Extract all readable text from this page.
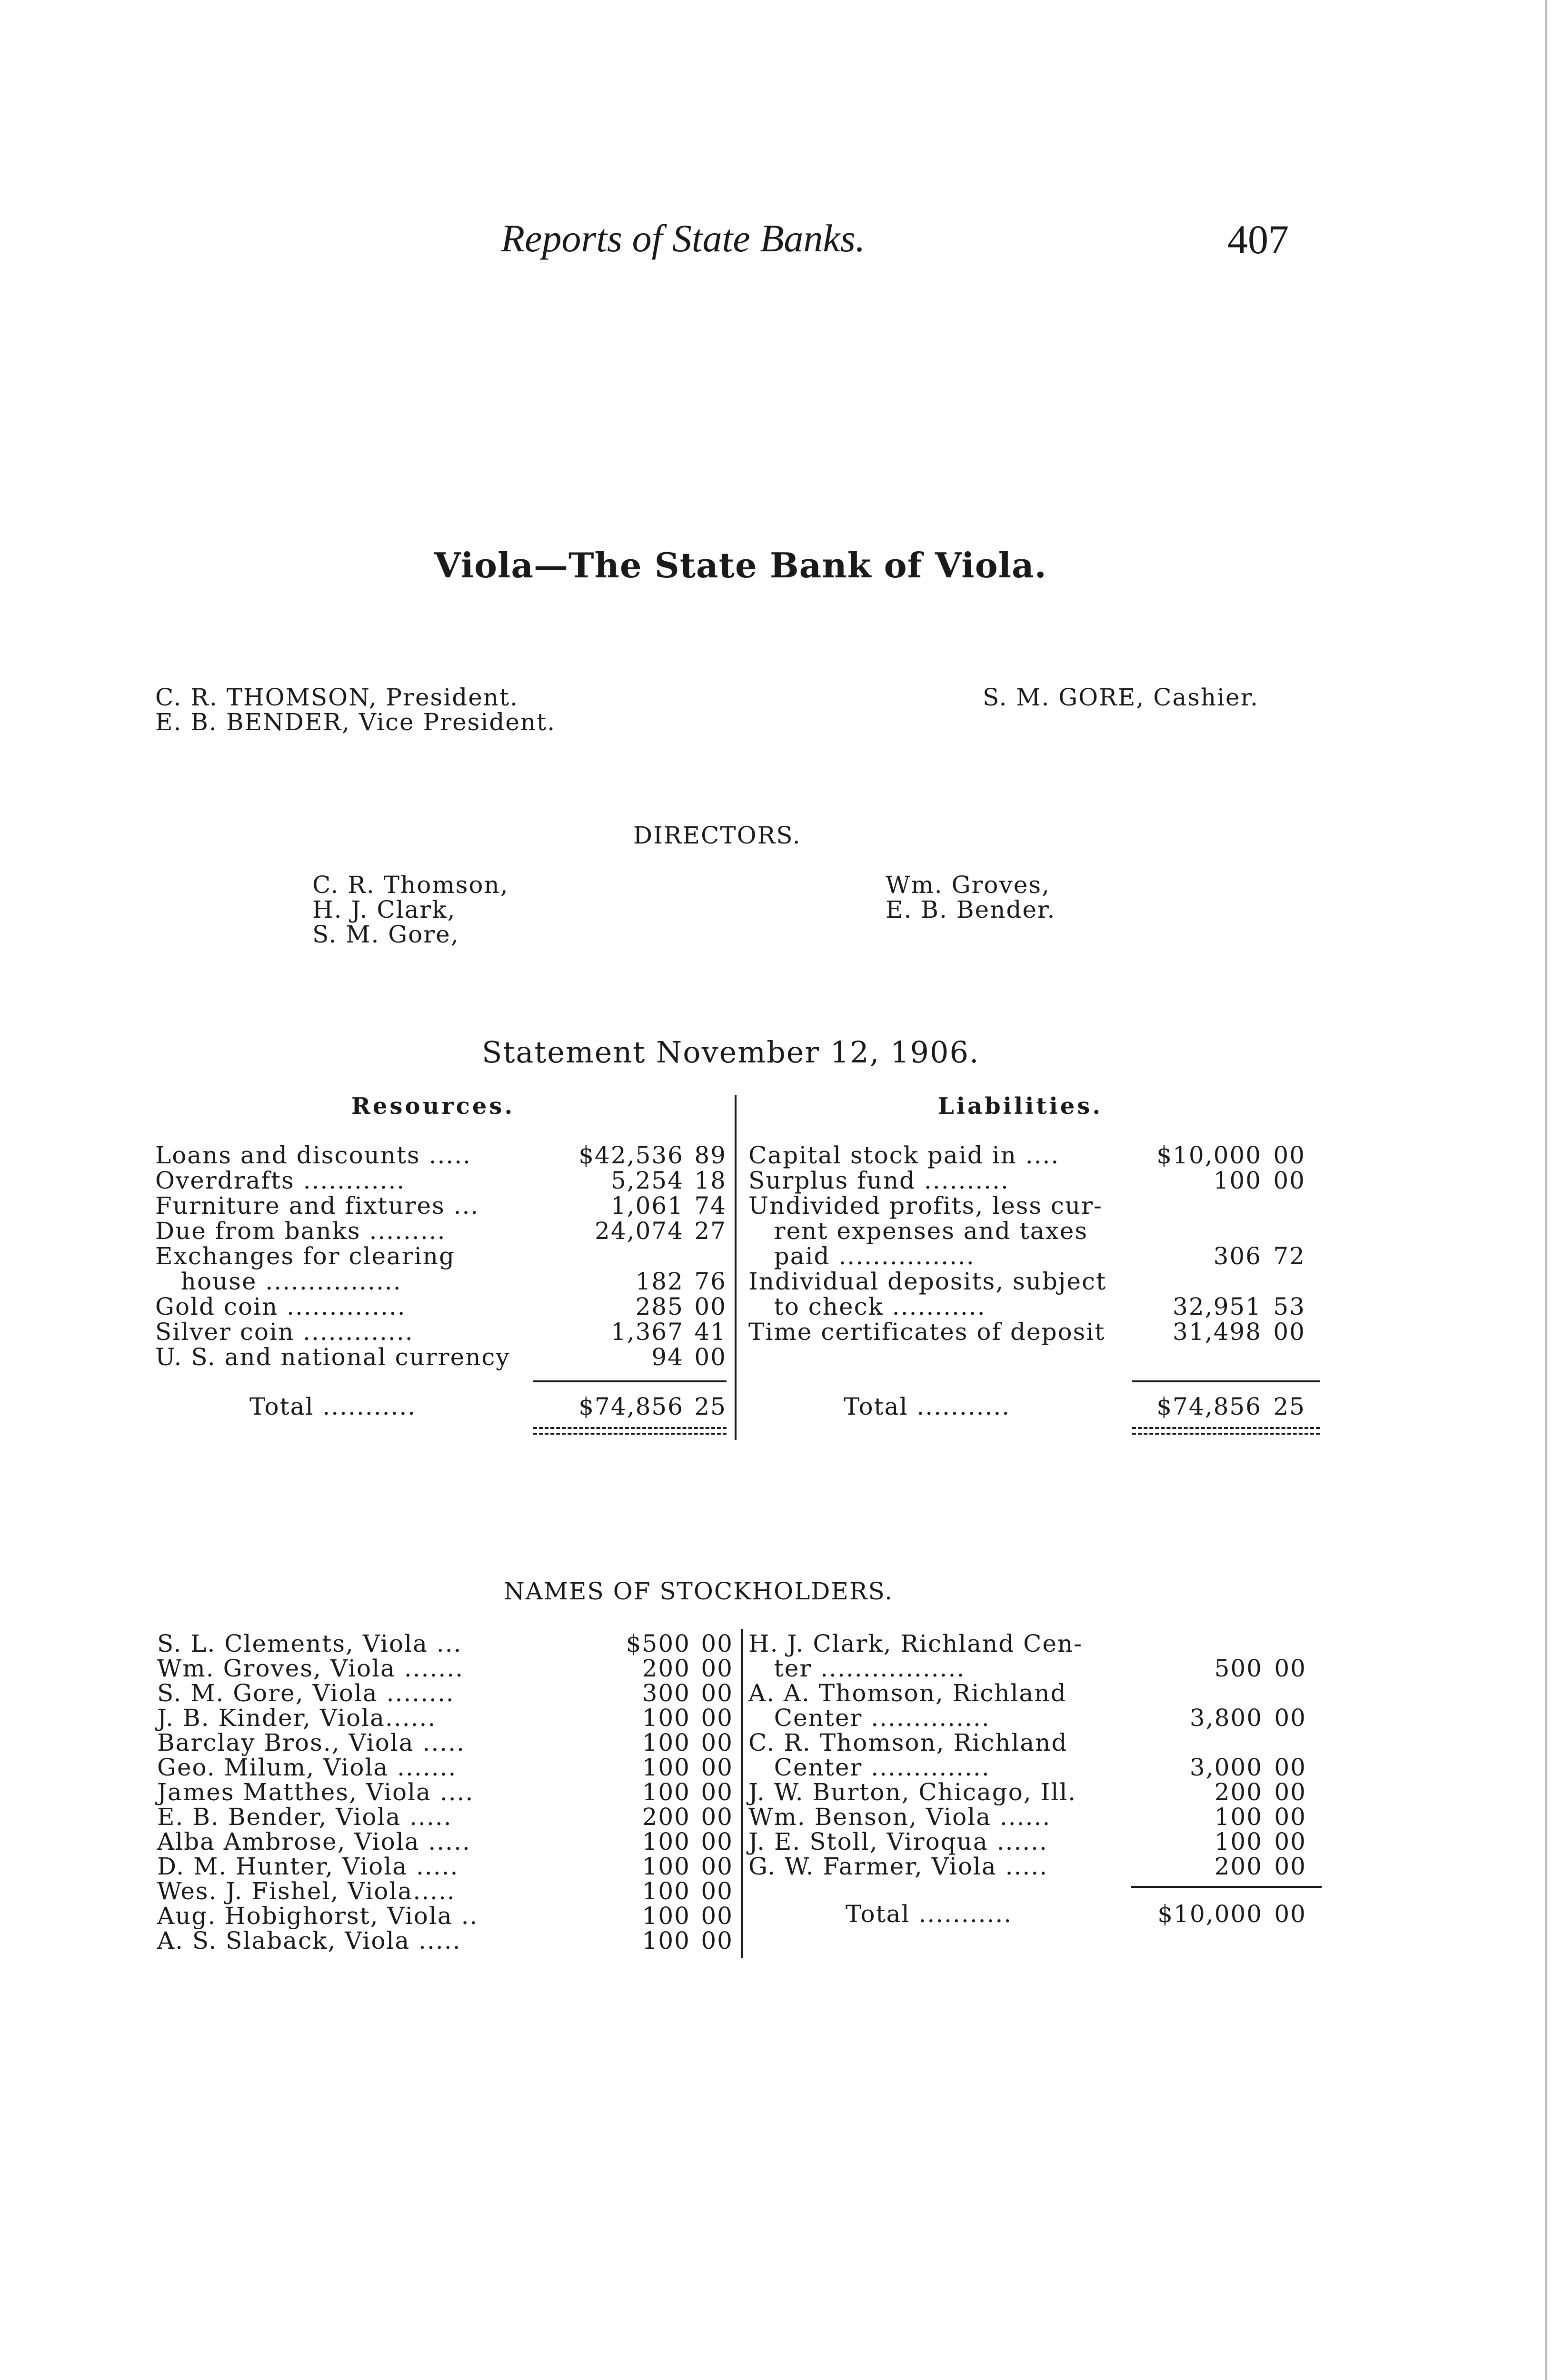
Reports of State Banks.	407
Viola—The State Bank of Viola.
C. R. THOMSON, President.
E. B. BENDER, Vice President.
S. M. GORE, Cashier.
DIRECTORS.
C. R. Thomson,
H. J. Clark,
S. M. Gore,
Wm. Groves,
E. B. Bender.
Statement November 12, 1906.
Resources.	Liabilities.
Loans and discounts .....	$42,536 89
Overdrafts ............	5,254 18
Furniture and fixtures ...	1,061 74
Due from banks .........	24,074 27
Exchanges for clearing
house ................	182 76
Gold coin ..............	285 00
Silver coin .............	1,367 41
U. S. and national currency	94 00
Total ...........	$74,856 25
Capital stock paid in ....	$10,000 00
Surplus fund ..........	100 00
Undivided profits, less cur-
rent expenses and taxes
paid ................	306 72
Individual deposits, subject
to check ...........	32,951 53
Time certificates of deposit	31,498 00
Total ...........	$74,856 25
NAMES OF STOCKHOLDERS.
S. L. Clements, Viola ...	$500 00
Wm. Groves, Viola .......	200 00
S. M. Gore, Viola ........	300 00
J. B. Kinder, Viola......	100 00
Barclay Bros., Viola .....	100 00
Geo. Milum, Viola .......	100 00
James Matthes, Viola ....	100 00
E. B. Bender, Viola .....	200 00
Alba Ambrose, Viola .....	100 00
D. M. Hunter, Viola .....	100 00
Wes. J. Fishel, Viola.....	100 00
Aug. Hobighorst, Viola ..	100 00
A. S. Slaback, Viola .....	100 00
H. J. Clark, Richland Cen-
ter .................	500 00
A. A. Thomson, Richland
Center ..............	3,800 00
C. R. Thomson, Richland
Center ..............	3,000 00
J. W. Burton, Chicago, Ill.	200 00
Wm. Benson, Viola ......	100 00
J. E. Stoll, Viroqua ......	100 00
G. W. Farmer, Viola .....	200 00
Total ...........	$10,000 00
